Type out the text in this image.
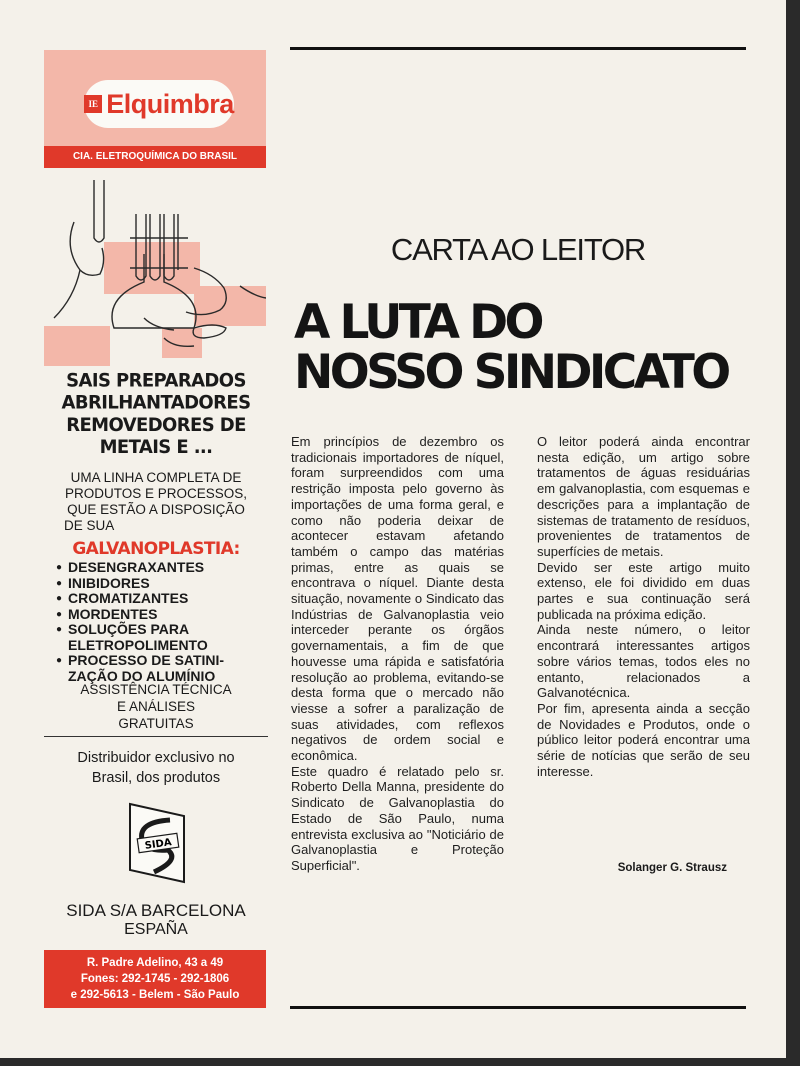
IE Elquimbra
CIA. ELETROQUÍMICA DO BRASIL
SAIS PREPARADOS
ABRILHANTADORES
REMOVEDORES DE
METAIS E ...
UMA LINHA COMPLETA DE
PRODUTOS E PROCESSOS,
QUE ESTÃO A DISPOSIÇÃO
DE SUA
GALVANOPLASTIA:
● DESENGRAXANTES
● INIBIDORES
● CROMATIZANTES
● MORDENTES
● SOLUÇÕES PARA
ELETROPOLIMENTO
● PROCESSO DE SATINI-
ZAÇÃO DO ALUMÍNIO
ASSISTÊNCIA TÉCNICA
E ANÁLISES
GRATUITAS
Distribuidor exclusivo no
Brasil, dos produtos
SIDA
SIDA S/A BARCELONA
ESPAÑA
R. Padre Adelino, 43 a 49
Fones: 292-1745 - 292-1806
e 292-5613 - Belem - São Paulo
CARTA AO LEITOR
A LUTA DO
NOSSO SINDICATO

Em princípios de dezembro os tradicionais importadores de níquel, foram surpreendidos com uma restrição imposta pelo governo às importações de uma forma geral, e como não poderia deixar de acontecer estavam afetando também o campo das matérias primas, entre as quais se encontrava o níquel. Diante desta situação, novamente o Sindicato das Indústrias de Galvanoplastia veio interceder perante os órgãos governamentais, a fim de que houvesse uma rápida e satisfatória resolução ao problema, evitando-se desta forma que o mercado não viesse a sofrer a paralização de suas atividades, com reflexos negativos de ordem social e econômica.

Este quadro é relatado pelo sr. Roberto Della Manna, presidente do Sindicato de Galvanoplastia do Estado de São Paulo, numa entrevista exclusiva ao "Noticiário de Galvanoplastia e Proteção Superficial".

O leitor poderá ainda encontrar nesta edição, um artigo sobre tratamentos de águas residuárias em galvanoplastia, com esquemas e descrições para a implantação de sistemas de tratamento de resíduos, provenientes de tratamentos de superfícies de metais.

Devido ser este artigo muito extenso, ele foi dividido em duas partes e sua continuação será publicada na próxima edição.

Ainda neste número, o leitor encontrará interessantes artigos sobre vários temas, todos eles no entanto, relacionados a Galvanotécnica.

Por fim, apresenta ainda a secção de Novidades e Produtos, onde o público leitor poderá encontrar uma série de notícias que serão de seu interesse.

Solanger G. Strausz
